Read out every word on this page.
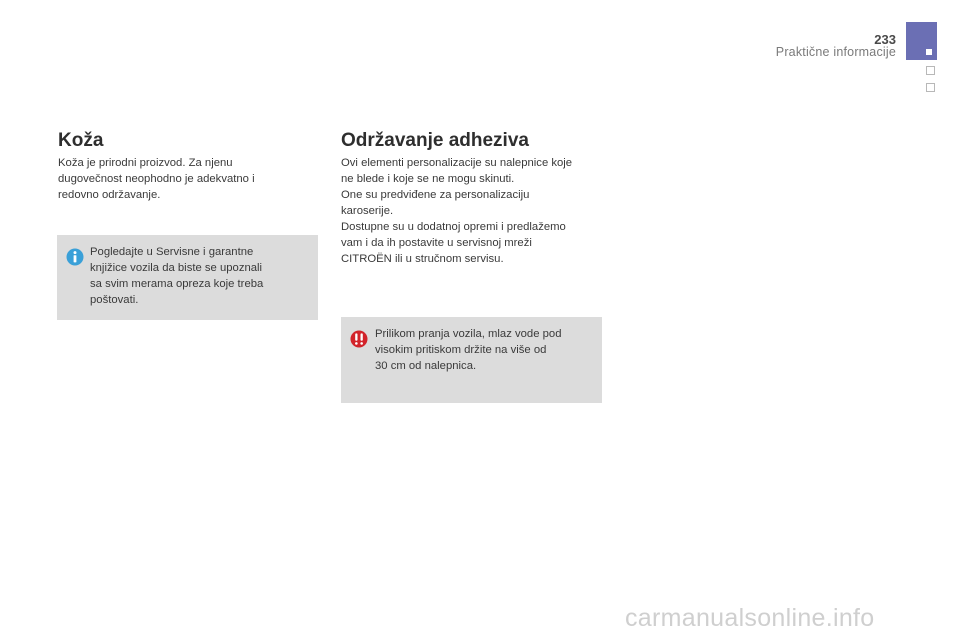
233
Praktične informacije
Koža
Koža je prirodni proizvod. Za njenu
dugovečnost neophodno je adekvatno i
redovno održavanje.
Pogledajte u Servisne i garantne
knjižice vozila da biste se upoznali
sa svim merama opreza koje treba
poštovati.
Održavanje adheziva
Ovi elementi personalizacije su nalepnice koje
ne blede i koje se ne mogu skinuti.
One su predviđene za personalizaciju
karoserije.
Dostupne su u dodatnoj opremi i predlažemo
vam i da ih postavite u servisnoj mreži
CITROËN ili u stručnom servisu.
Prilikom pranja vozila, mlaz vode pod
visokim pritiskom držite na više od
30 cm od nalepnica.
carmanualsonline.info
